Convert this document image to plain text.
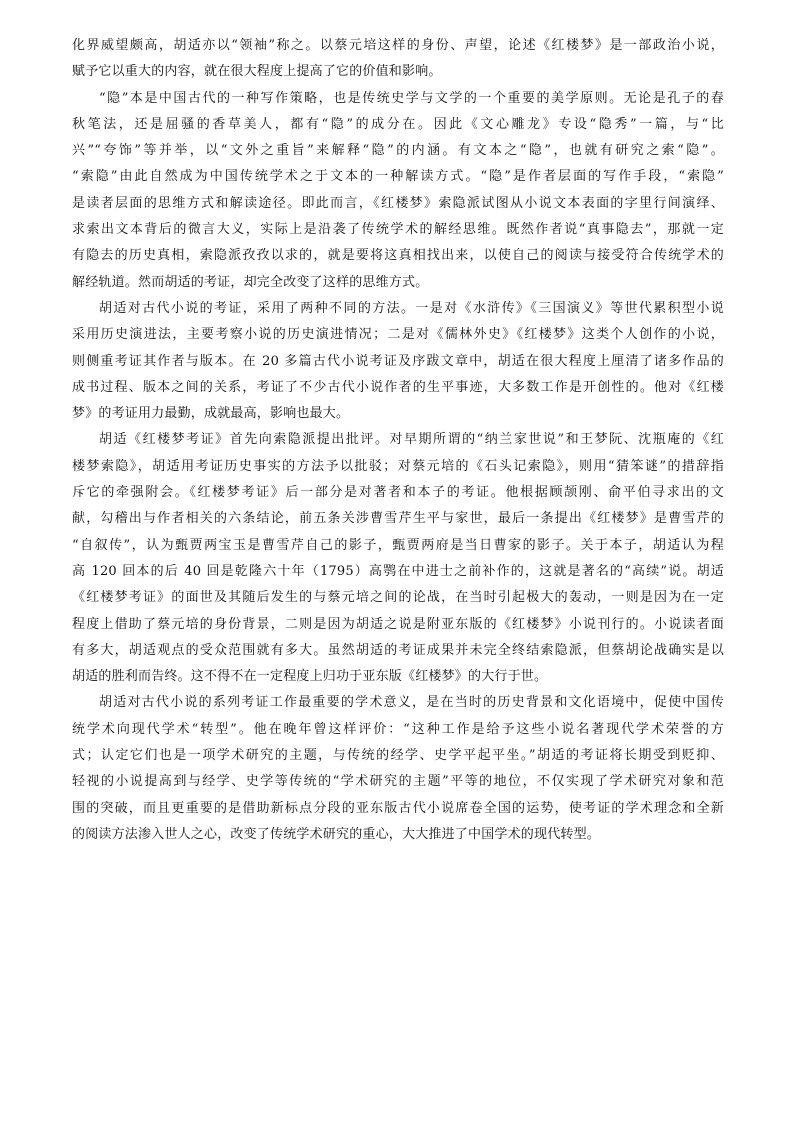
化界威望颇高，胡适亦以“领袖”称之。以蔡元培这样的身份、声望，论述《红楼梦》是一部政治小说，
赋予它以重大的内容，就在很大程度上提高了它的价值和影响。
“隐”本是中国古代的一种写作策略，也是传统史学与文学的一个重要的美学原则。无论是孔子的春
秋笔法，还是屈骚的香草美人，都有“隐”的成分在。因此《文心雕龙》专设“隐秀”一篇，与“比
兴”“夸饰”等并举，以“文外之重旨”来解释“隐”的内涵。有文本之“隐”，也就有研究之索“隐”。
“索隐”由此自然成为中国传统学术之于文本的一种解读方式。“隐”是作者层面的写作手段，“索隐”
是读者层面的思维方式和解读途径。即此而言，《红楼梦》索隐派试图从小说文本表面的字里行间演绎、
求索出文本背后的微言大义，实际上是沿袭了传统学术的解经思维。既然作者说“真事隐去”，那就一定
有隐去的历史真相，索隐派孜孜以求的，就是要将这真相找出来，以使自己的阅读与接受符合传统学术的
解经轨道。然而胡适的考证，却完全改变了这样的思维方式。
胡适对古代小说的考证，采用了两种不同的方法。一是对《水浒传》《三国演义》等世代累积型小说
采用历史演进法，主要考察小说的历史演进情况；二是对《儒林外史》《红楼梦》这类个人创作的小说，
则侧重考证其作者与版本。在 20 多篇古代小说考证及序跋文章中，胡适在很大程度上厘清了诸多作品的
成书过程、版本之间的关系，考证了不少古代小说作者的生平事迹，大多数工作是开创性的。他对《红楼
梦》的考证用力最勤，成就最高，影响也最大。
胡适《红楼梦考证》首先向索隐派提出批评。对早期所谓的“纳兰家世说”和王梦阮、沈瓶庵的《红
楼梦索隐》，胡适用考证历史事实的方法予以批驳；对蔡元培的《石头记索隐》，则用“猜笨谜”的措辞指
斥它的牵强附会。《红楼梦考证》后一部分是对著者和本子的考证。他根据顾颉刚、俞平伯寻求出的文
献，勾稽出与作者相关的六条结论，前五条关涉曹雪芹生平与家世，最后一条提出《红楼梦》是曹雪芹的
“自叙传”，认为甄贾两宝玉是曹雪芹自己的影子，甄贾两府是当日曹家的影子。关于本子，胡适认为程
高 120 回本的后 40 回是乾隆六十年（1795）高鹗在中进士之前补作的，这就是著名的“高续”说。胡适
《红楼梦考证》的面世及其随后发生的与蔡元培之间的论战，在当时引起极大的轰动，一则是因为在一定
程度上借助了蔡元培的身份背景，二则是因为胡适之说是附亚东版的《红楼梦》小说刊行的。小说读者面
有多大，胡适观点的受众范围就有多大。虽然胡适的考证成果并未完全终结索隐派，但蔡胡论战确实是以
胡适的胜利而告终。这不得不在一定程度上归功于亚东版《红楼梦》的大行于世。
胡适对古代小说的系列考证工作最重要的学术意义，是在当时的历史背景和文化语境中，促使中国传
统学术向现代学术“转型”。他在晚年曾这样评价：“这种工作是给予这些小说名著现代学术荣誉的方
式；认定它们也是一项学术研究的主题，与传统的经学、史学平起平坐。”胡适的考证将长期受到贬抑、
轻视的小说提高到与经学、史学等传统的“学术研究的主题”平等的地位，不仅实现了学术研究对象和范
围的突破，而且更重要的是借助新标点分段的亚东版古代小说席卷全国的运势，使考证的学术理念和全新
的阅读方法渗入世人之心，改变了传统学术研究的重心，大大推进了中国学术的现代转型。
